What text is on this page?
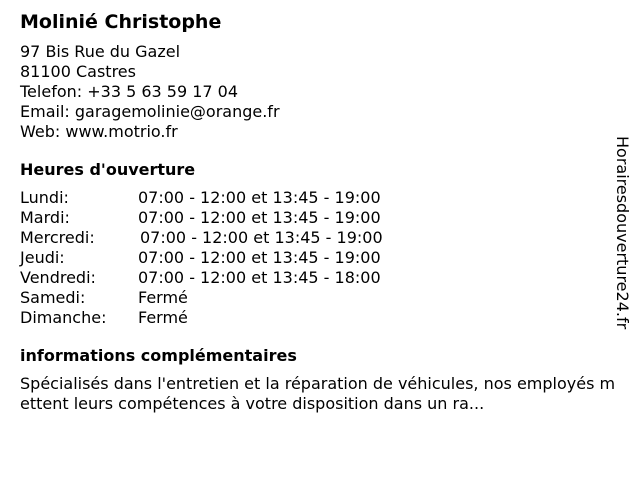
Molinié Christophe
97 Bis Rue du Gazel
81100 Castres
Telefon: +33 5 63 59 17 04
Email: garagemolinie@orange.fr
Web: www.motrio.fr
Heures d'ouverture
Lundi:	07:00 - 12:00 et 13:45 - 19:00
Mardi:	07:00 - 12:00 et 13:45 - 19:00
Mercredi:	07:00 - 12:00 et 13:45 - 19:00
Jeudi:	07:00 - 12:00 et 13:45 - 19:00
Vendredi:	07:00 - 12:00 et 13:45 - 18:00
Samedi:	Fermé
Dimanche: Fermé
informations complémentaires
Spécialisés dans l'entretien et la réparation de véhicules, nos employés mettent leurs compétences à votre disposition dans un ra...
Horairesdouverture24.fr
